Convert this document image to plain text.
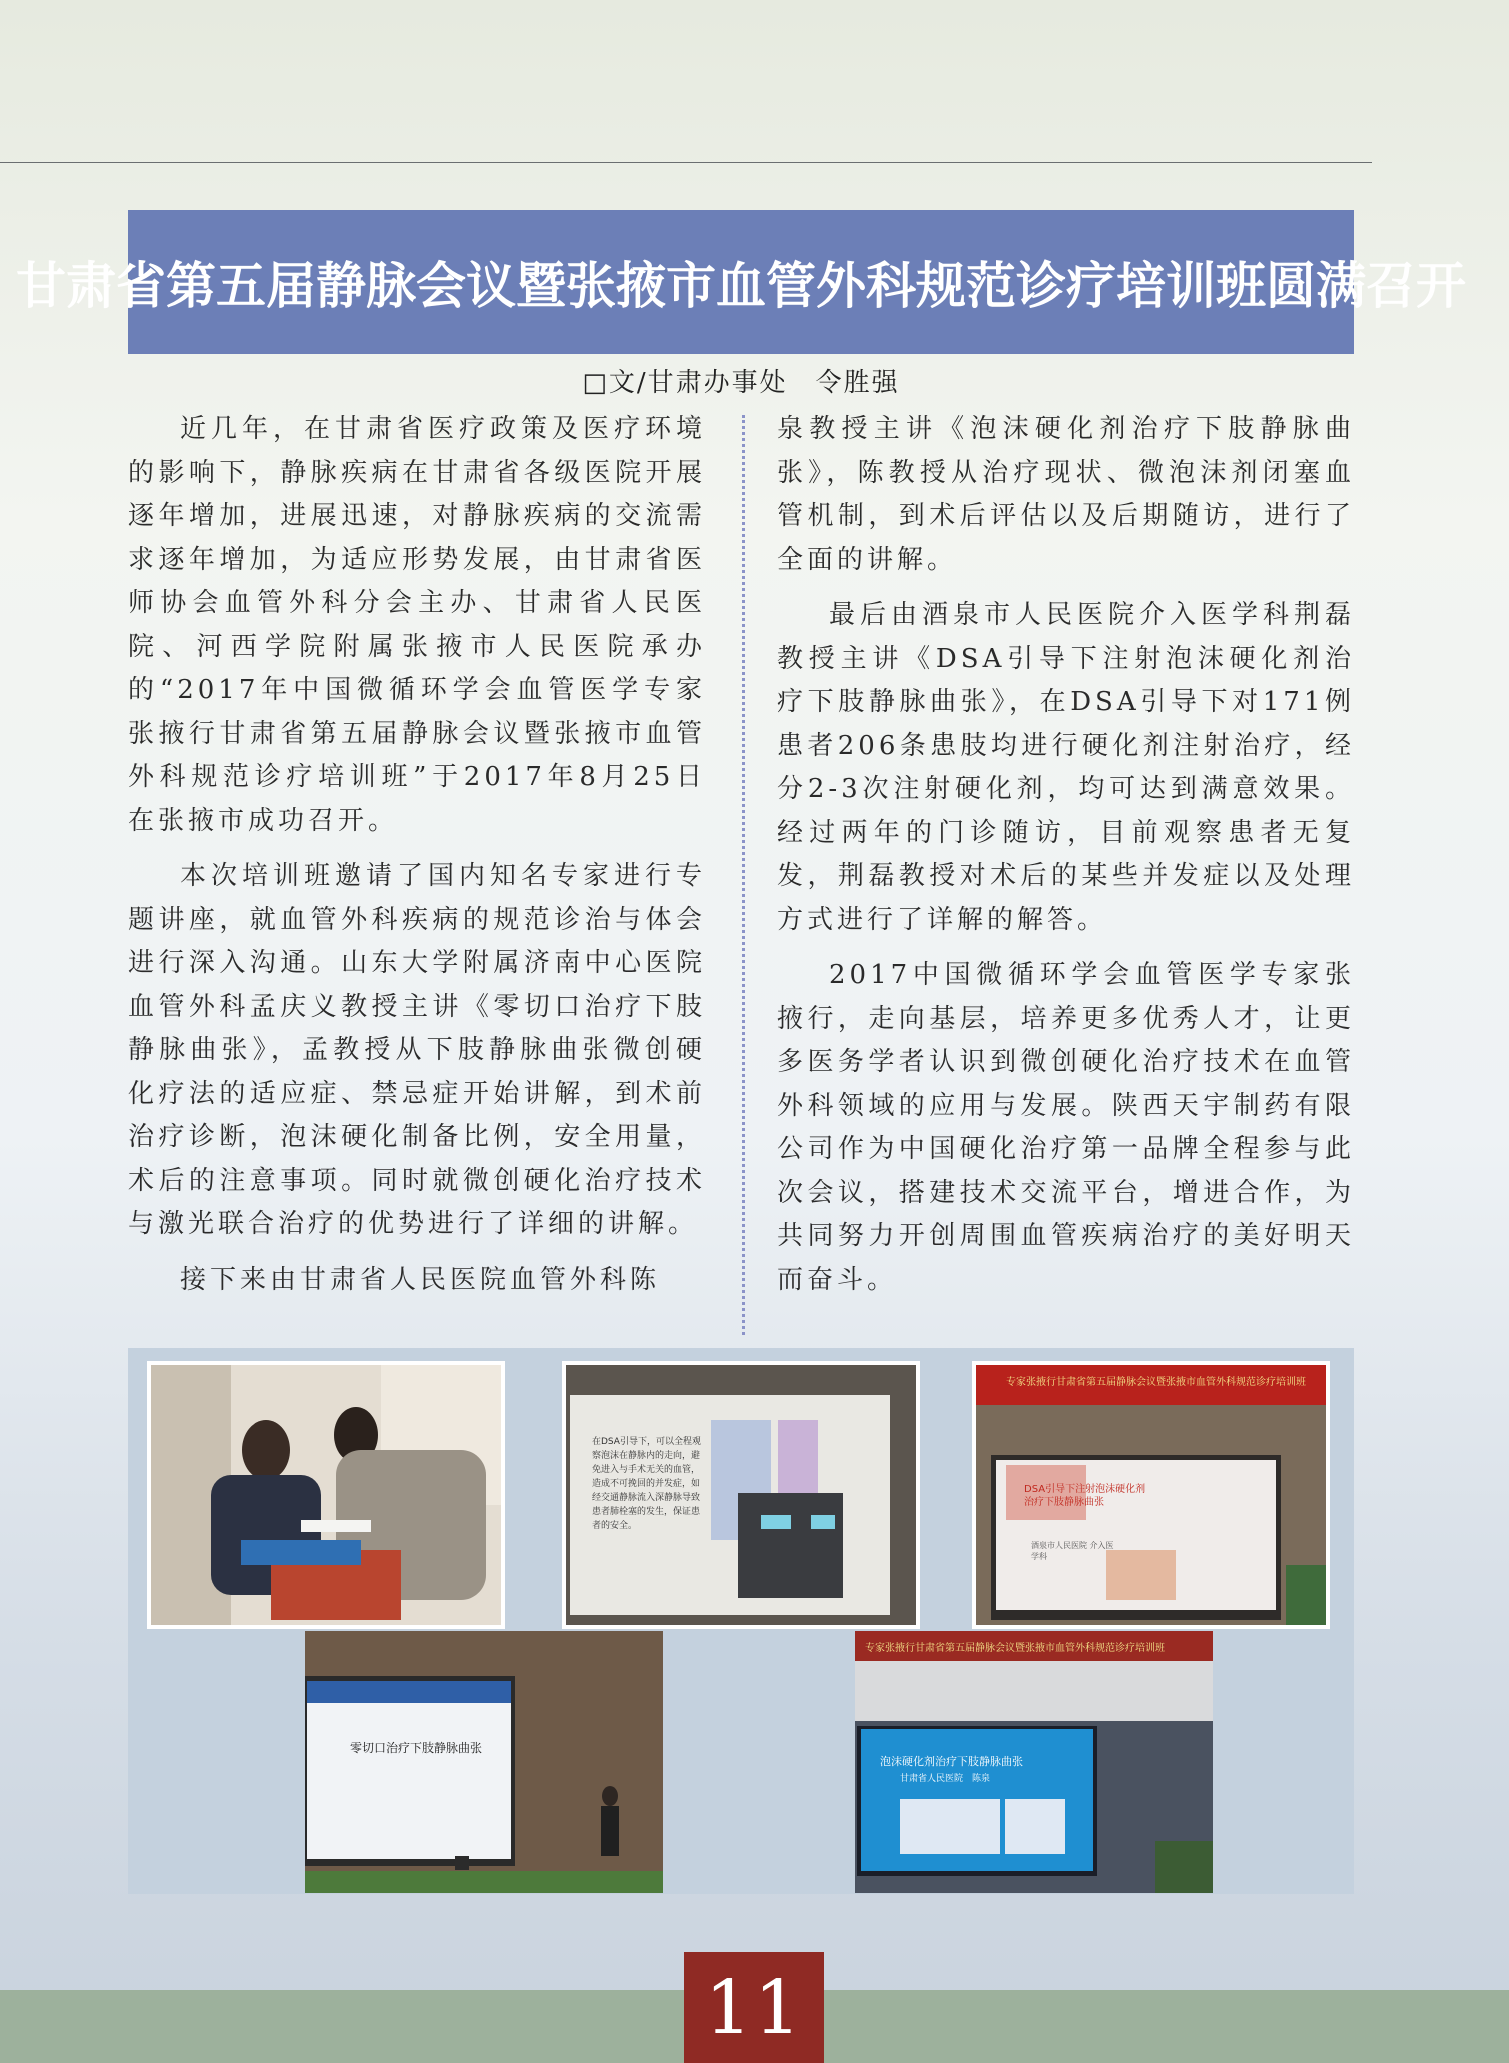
甘肃省第五届静脉会议暨张掖市血管外科规范诊疗培训班圆满召开
□文/甘肃办事处　令胜强

近几年，在甘肃省医疗政策及医疗环境的影响下，静脉疾病在甘肃省各级医院开展逐年增加，进展迅速，对静脉疾病的交流需求逐年增加，为适应形势发展，由甘肃省医师协会血管外科分会主办、甘肃省人民医院、河西学院附属张掖市人民医院承办的“2017年中国微循环学会血管医学专家张掖行甘肃省第五届静脉会议暨张掖市血管外科规范诊疗培训班”于2017年8月25日在张掖市成功召开。

本次培训班邀请了国内知名专家进行专题讲座，就血管外科疾病的规范诊治与体会进行深入沟通。山东大学附属济南中心医院血管外科孟庆义教授主讲《零切口治疗下肢静脉曲张》，孟教授从下肢静脉曲张微创硬化疗法的适应症、禁忌症开始讲解，到术前治疗诊断，泡沫硬化制备比例，安全用量，术后的注意事项。同时就微创硬化治疗技术与激光联合治疗的优势进行了详细的讲解。

接下来由甘肃省人民医院血管外科陈

泉教授主讲《泡沫硬化剂治疗下肢静脉曲张》，陈教授从治疗现状、微泡沫剂闭塞血管机制，到术后评估以及后期随访，进行了全面的讲解。

最后由酒泉市人民医院介入医学科荆磊教授主讲《DSA引导下注射泡沫硬化剂治疗下肢静脉曲张》，在DSA引导下对171例患者206条患肢均进行硬化剂注射治疗，经分2-3次注射硬化剂，均可达到满意效果。经过两年的门诊随访，目前观察患者无复发，荆磊教授对术后的某些并发症以及处理方式进行了详解的解答。

2017中国微循环学会血管医学专家张掖行，走向基层，培养更多优秀人才，让更多医务学者认识到微创硬化治疗技术在血管外科领域的应用与发展。陕西天宇制药有限公司作为中国硬化治疗第一品牌全程参与此次会议，搭建技术交流平台，增进合作，为共同努力开创周围血管疾病治疗的美好明天而奋斗。

在DSA引导下，可以全程观察泡沫在静脉内的走向，避免进入与手术无关的血管，造成不可挽回的并发症，如经交通静脉流入深静脉导致患者肺栓塞的发生，保证患者的安全。
专家张掖行甘肃省第五届静脉会议暨张掖市血管外科规范诊疗培训班
DSA引导下注射泡沫硬化剂治疗下肢静脉曲张
酒泉市人民医院 介入医学科
零切口治疗下肢静脉曲张
专家张掖行甘肃省第五届静脉会议暨张掖市血管外科规范诊疗培训班
泡沫硬化剂治疗下肢静脉曲张
甘肃省人民医院　陈泉
11
